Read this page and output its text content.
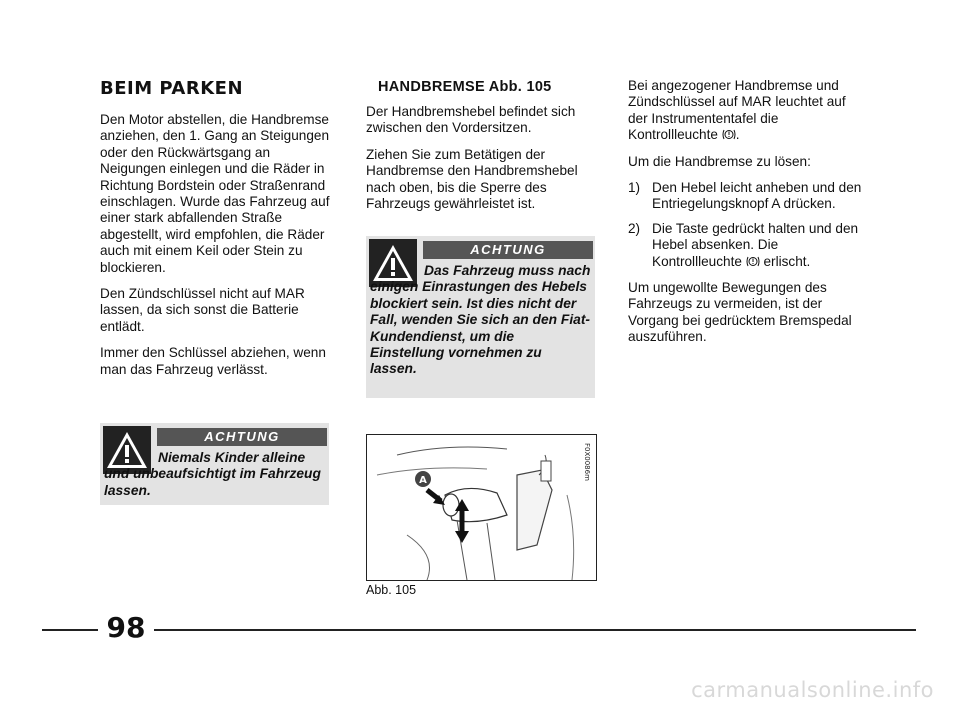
BEIM PARKEN

Den Motor abstellen, die Handbremse anziehen, den 1. Gang an Steigungen oder den Rückwärtsgang an Neigungen einlegen und die Räder in Richtung Bordstein oder Straßenrand einschlagen. Wurde das Fahrzeug auf einer stark abfallenden Straße abgestellt, wird empfohlen, die Räder auch mit einem Keil oder Stein zu blockieren.

Den Zündschlüssel nicht auf MAR lassen, da sich sonst die Batterie entlädt.

Immer den Schlüssel abziehen, wenn man das Fahrzeug verlässt.

ACHTUNG
Niemals Kinder alleine und unbeaufsichtigt im Fahrzeug lassen.
HANDBREMSE Abb. 105

Der Handbremshebel befindet sich zwischen den Vordersitzen.

Ziehen Sie zum Betätigen der Handbremse den Handbremshebel nach oben, bis die Sperre des Fahrzeugs gewährleistet ist.

ACHTUNG
Das Fahrzeug muss nach einigen Einrastungen des Hebels blockiert sein. Ist dies nicht der Fall, wenden Sie sich an den Fiat-Kundendienst, um die Einstellung vornehmen zu lassen.
A	F0X0086m
Abb. 105

Bei angezogener Handbremse und Zündschlüssel auf MAR leuchtet auf der Instrumententafel die Kontrollleuchte .

Um die Handbremse zu lösen:

1) Den Hebel leicht anheben und den Entriegelungsknopf A drücken.
2) Die Taste gedrückt halten und den Hebel absenken. Die Kontrollleuchte erlischt.

Um ungewollte Bewegungen des Fahrzeugs zu vermeiden, ist der Vorgang bei gedrücktem Bremspedal auszuführen.

98
carmanualsonline.info
